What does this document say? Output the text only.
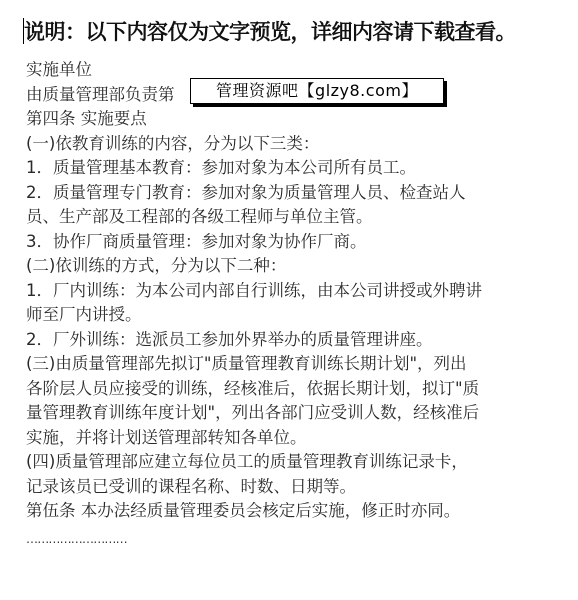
说明：以下内容仅为文字预览，详细内容请下载查看。

实施单位

由质量管理部负责第

第四条 实施要点

(一)依教育训练的内容，分为以下三类：

1．质量管理基本教育：参加对象为本公司所有员工。

2．质量管理专门教育：参加对象为质量管理人员、检查站人

员、生产部及工程部的各级工程师与单位主管。

3．协作厂商质量管理：参加对象为协作厂商。

(二)依训练的方式，分为以下二种：

1．厂内训练：为本公司内部自行训练，由本公司讲授或外聘讲

师至厂内讲授。

2．厂外训练：选派员工参加外界举办的质量管理讲座。

(三)由质量管理部先拟订"质量管理教育训练长期计划"，列出

各阶层人员应接受的训练，经核准后，依据长期计划，拟订"质

量管理教育训练年度计划"，列出各部门应受训人数，经核准后

实施，并将计划送管理部转知各单位。

(四)质量管理部应建立每位员工的质量管理教育训练记录卡，

记录该员已受训的课程名称、时数、日期等。

第伍条 本办法经质量管理委员会核定后实施，修正时亦同。

管理资源吧【glzy8.com】
………………………
